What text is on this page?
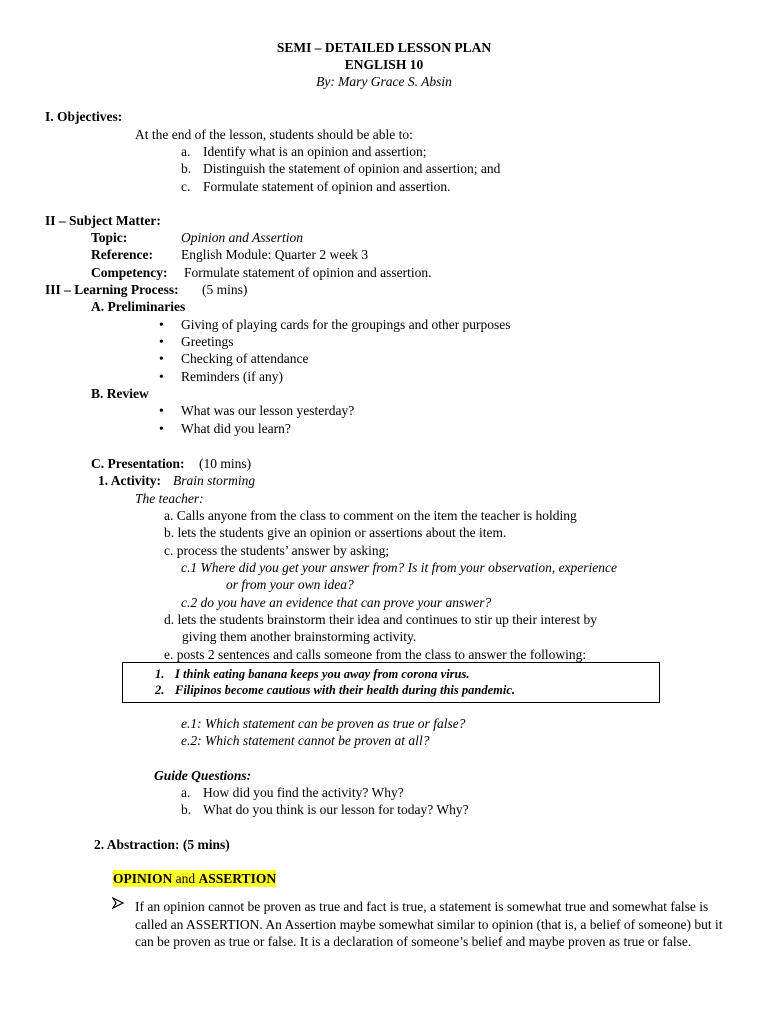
SEMI – DETAILED LESSON PLAN
ENGLISH 10
By: Mary Grace S. Absin
I. Objectives:
At the end of the lesson, students should be able to:
a. Identify what is an opinion and assertion;
b. Distinguish the statement of opinion and assertion; and
c. Formulate statement of opinion and assertion.
II – Subject Matter:
Topic:	Opinion and Assertion
Reference: English Module: Quarter 2 week 3
Competency: Formulate statement of opinion and assertion.
III – Learning Process: (5 mins)
A. Preliminaries
• Giving of playing cards for the groupings and other purposes
• Greetings
• Checking of attendance
• Reminders (if any)
B. Review
• What was our lesson yesterday?
• What did you learn?
C. Presentation: (10 mins)
1. Activity: Brain storming
The teacher:
a. Calls anyone from the class to comment on the item the teacher is holding
b. lets the students give an opinion or assertions about the item.
c. process the students’ answer by asking;
c.1 Where did you get your answer from? Is it from your observation, experience
or from your own idea?
c.2 do you have an evidence that can prove your answer?
d. lets the students brainstorm their idea and continues to stir up their interest by
giving them another brainstorming activity.
e. posts 2 sentences and calls someone from the class to answer the following:
1. I think eating banana keeps you away from corona virus.
2. Filipinos become cautious with their health during this pandemic.
e.1: Which statement can be proven as true or false?
e.2: Which statement cannot be proven at all?
Guide Questions:
a. How did you find the activity? Why?
b. What do you think is our lesson for today? Why?
2. Abstraction: (5 mins)
OPINION and ASSERTION
If an opinion cannot be proven as true and fact is true, a statement is somewhat true and somewhat false is called an ASSERTION. An Assertion maybe somewhat similar to opinion (that is, a belief of someone) but it can be proven as true or false. It is a declaration of someone’s belief and maybe proven as true or false.
